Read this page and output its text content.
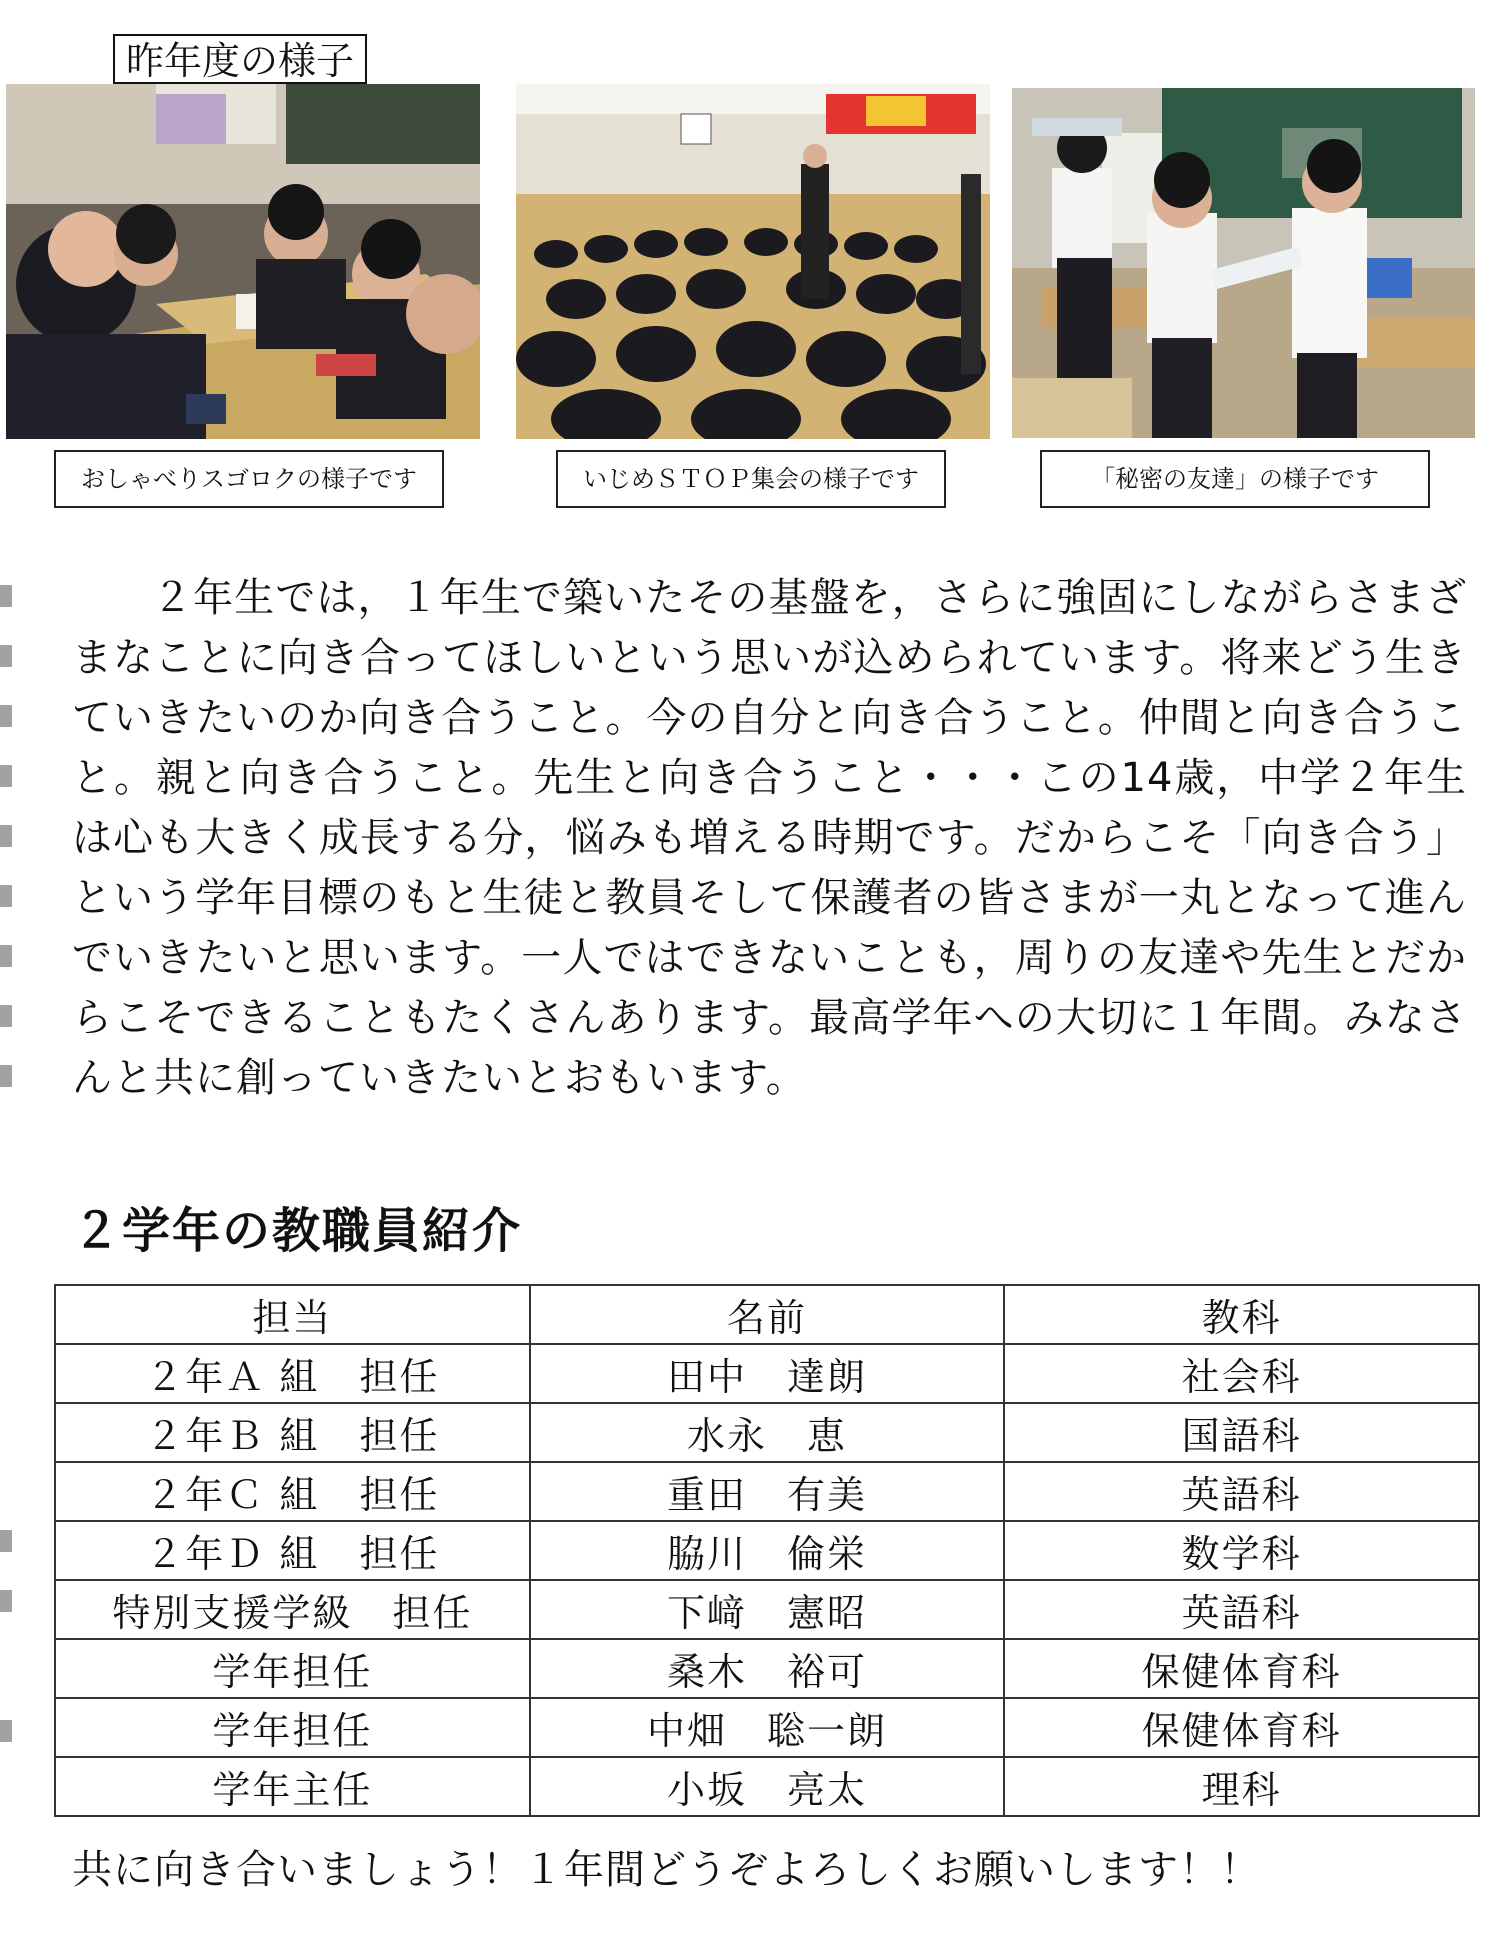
昨年度の様子
おしゃべりスゴロクの様子です	いじめＳＴＯＰ集会の様子です	「秘密の友達」の様子です

２年生では，１年生で築いたその基盤を，さらに強固にしながらさまざまなことに向き合ってほしいという思いが込められています。将来どう生きていきたいのか向き合うこと。今の自分と向き合うこと。仲間と向き合うこと。親と向き合うこと。先生と向き合うこと・・・この14歳，中学２年生は心も大きく成長する分，悩みも増える時期です。だからこそ「向き合う」という学年目標のもと生徒と教員そして保護者の皆さまが一丸となって進んでいきたいと思います。一人ではできないことも，周りの友達や先生とだからこそできることもたくさんあります。最高学年への大切に１年間。みなさんと共に創っていきたいとおもいます。

２学年の教職員紹介
担当	名前	教科
２年Ａ 組　担任	田中　達朗	社会科
２年Ｂ 組　担任	水永　恵	国語科
２年Ｃ 組　担任	重田　有美	英語科
２年Ｄ 組　担任	脇川　倫栄	数学科
特別支援学級　担任	下﨑　憲昭	英語科
学年担任	桑木　裕可	保健体育科
学年担任	中畑　聡一朗	保健体育科
学年主任	小坂　亮太	理科

共に向き合いましょう！１年間どうぞよろしくお願いします！！
